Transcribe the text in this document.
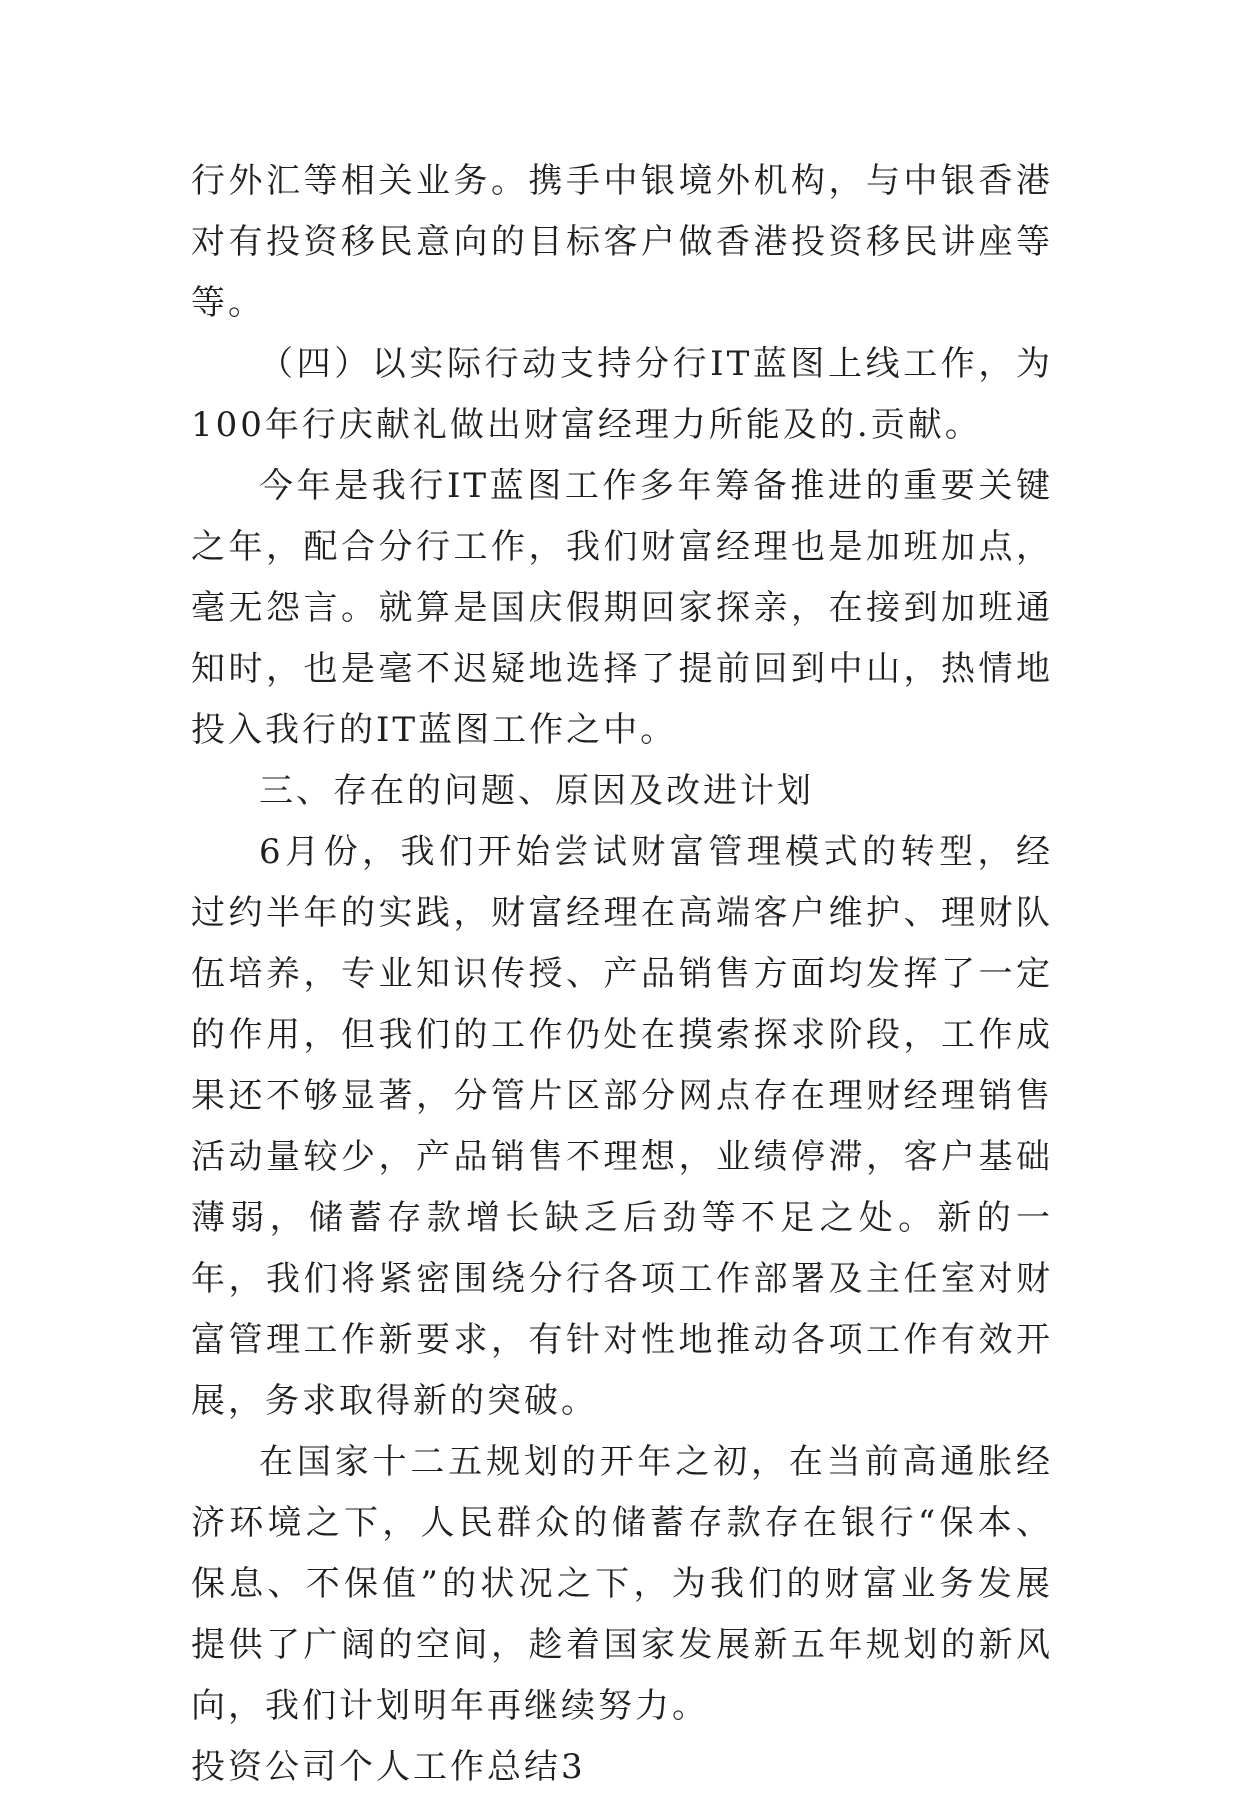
行外汇等相关业务。携手中银境外机构，与中银香港对有投资移民意向的目标客户做香港投资移民讲座等等。

（四）以实际行动支持分行IT蓝图上线工作，为100年行庆献礼做出财富经理力所能及的.贡献。

今年是我行IT蓝图工作多年筹备推进的重要关键之年，配合分行工作，我们财富经理也是加班加点，毫无怨言。就算是国庆假期回家探亲，在接到加班通知时，也是毫不迟疑地选择了提前回到中山，热情地投入我行的IT蓝图工作之中。

三、存在的问题、原因及改进计划

6月份，我们开始尝试财富管理模式的转型，经过约半年的实践，财富经理在高端客户维护、理财队伍培养，专业知识传授、产品销售方面均发挥了一定的作用，但我们的工作仍处在摸索探求阶段，工作成果还不够显著，分管片区部分网点存在理财经理销售活动量较少，产品销售不理想，业绩停滞，客户基础薄弱，储蓄存款增长缺乏后劲等不足之处。新的一年，我们将紧密围绕分行各项工作部署及主任室对财富管理工作新要求，有针对性地推动各项工作有效开展，务求取得新的突破。

在国家十二五规划的开年之初，在当前高通胀经济环境之下，人民群众的储蓄存款存在银行“保本、保息、不保值”的状况之下，为我们的财富业务发展提供了广阔的空间，趁着国家发展新五年规划的新风向，我们计划明年再继续努力。

投资公司个人工作总结3
